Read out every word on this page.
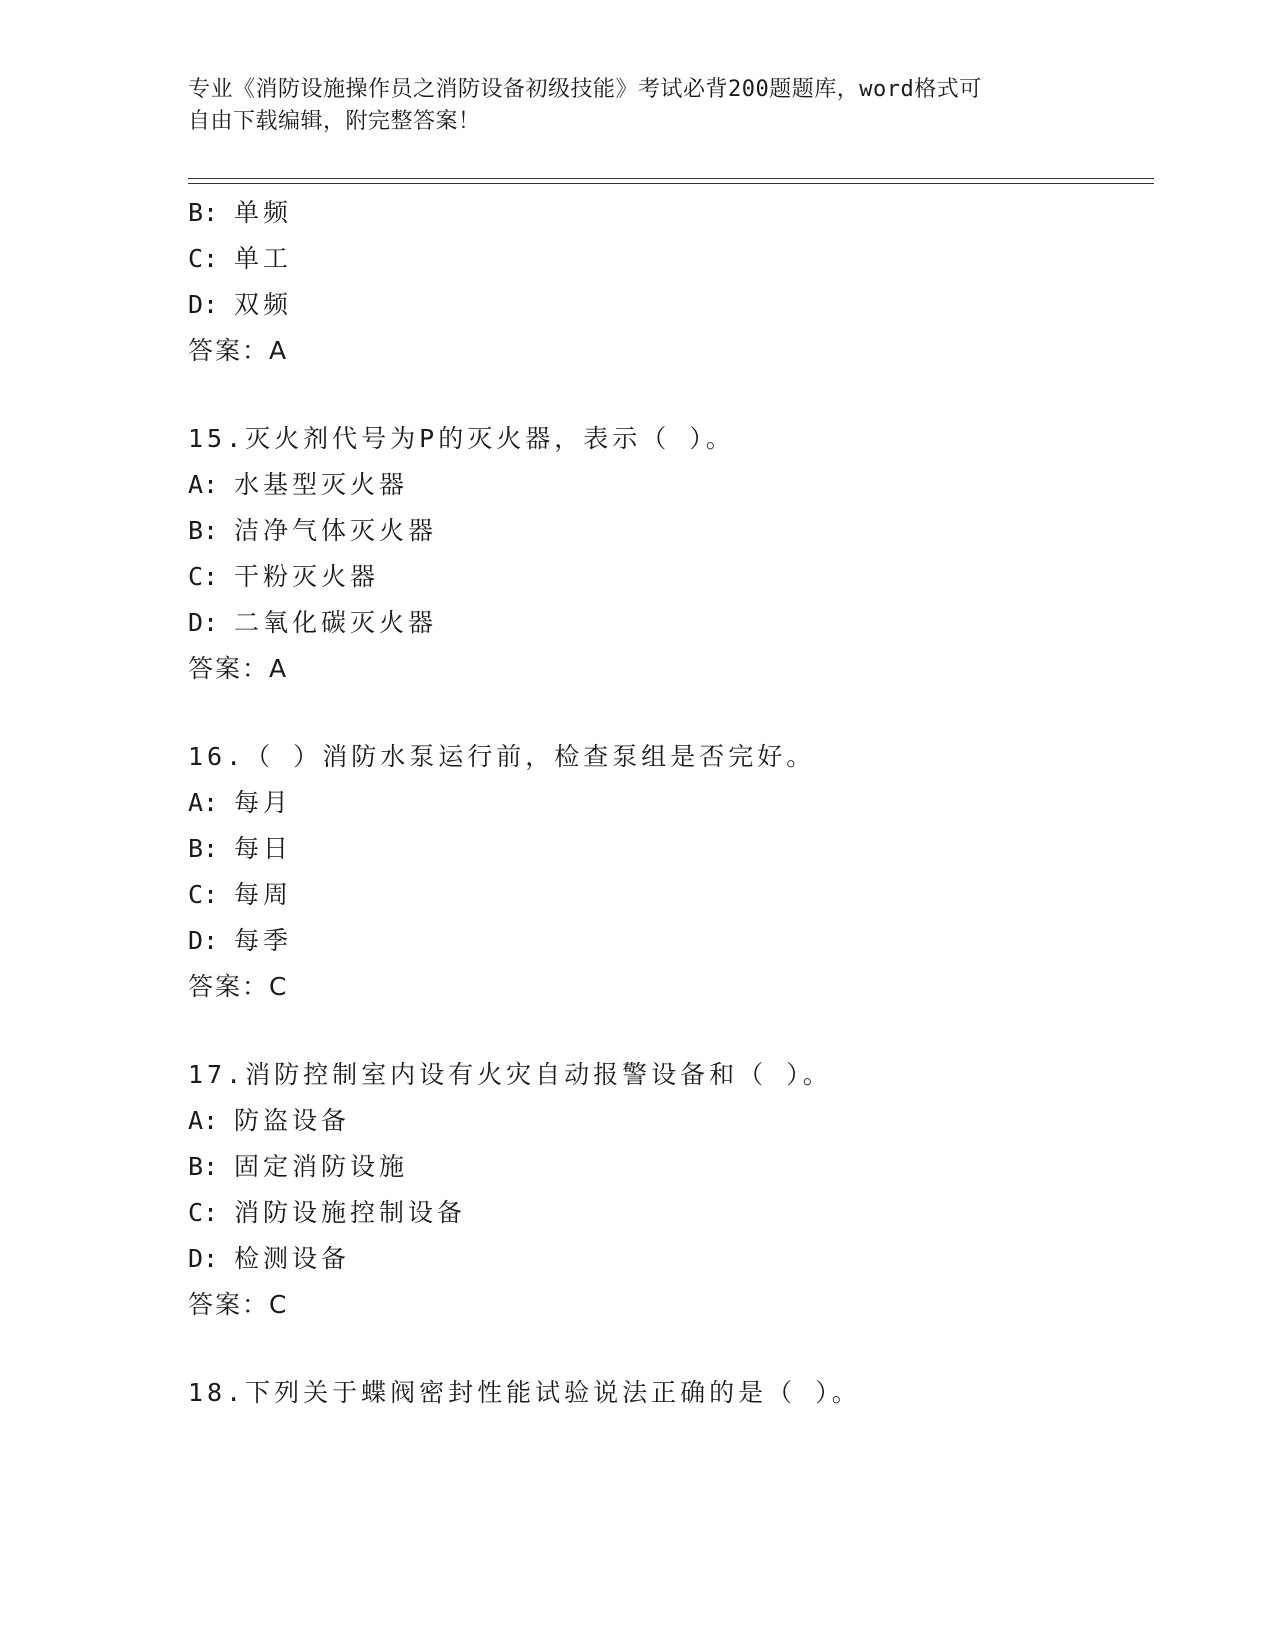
专业《消防设施操作员之消防设备初级技能》考试必背200题题库，word格式可
自由下载编辑，附完整答案！
B: 单频
C: 单工
D: 双频
答案：A
15.灭火剂代号为P的灭火器，表示（ ）。
A: 水基型灭火器
B: 洁净气体灭火器
C: 干粉灭火器
D: 二氧化碳灭火器
答案：A
16.（ ）消防水泵运行前，检查泵组是否完好。
A: 每月
B: 每日
C: 每周
D: 每季
答案：C
17.消防控制室内设有火灾自动报警设备和（ ）。
A: 防盗设备
B: 固定消防设施
C: 消防设施控制设备
D: 检测设备
答案：C
18.下列关于蝶阀密封性能试验说法正确的是（ ）。
